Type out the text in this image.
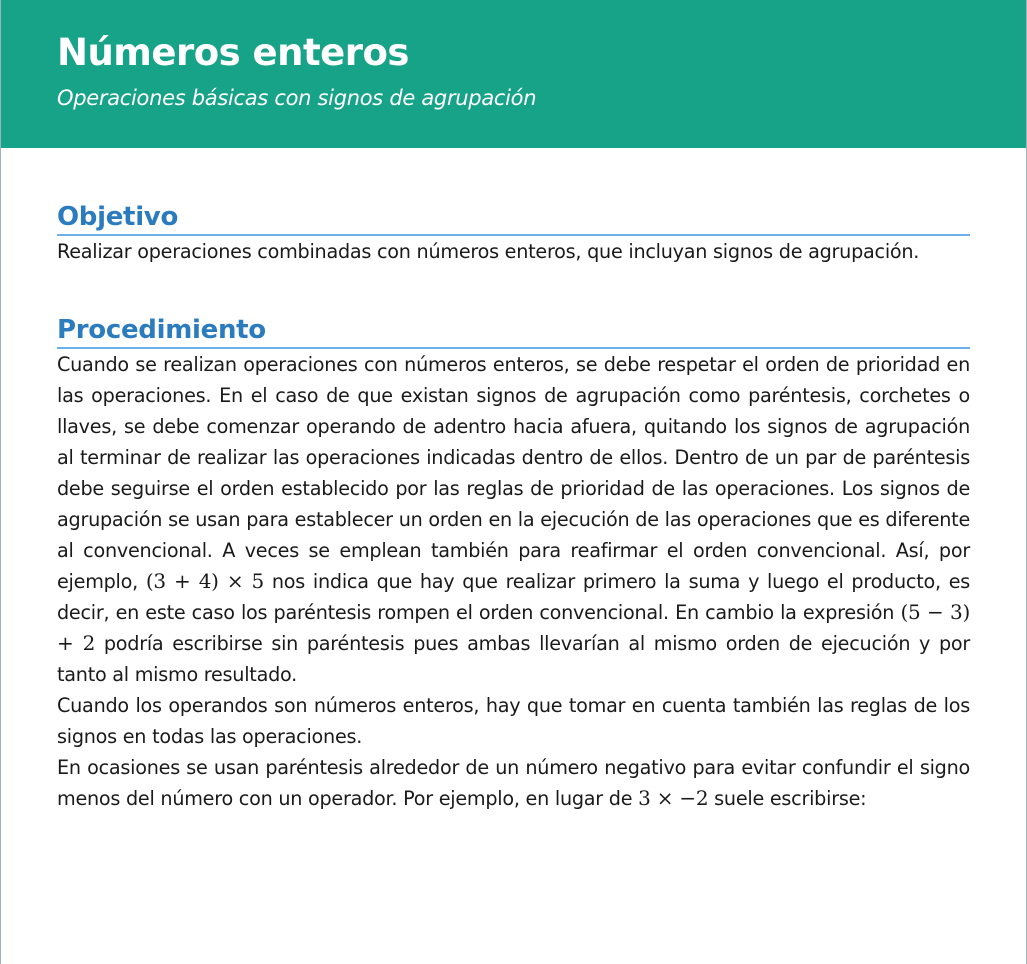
Números enteros

Operaciones básicas con signos de agrupación

Objetivo

Realizar operaciones combinadas con números enteros, que incluyan signos de agrupación.

Procedimiento

Cuando se realizan operaciones con números enteros, se debe respetar el orden de prioridad en las operaciones. En el caso de que existan signos de agrupación como paréntesis, corchetes o llaves, se debe comenzar operando de adentro hacia afuera, quitando los signos de agrupación al terminar de realizar las operaciones indicadas dentro de ellos. Dentro de un par de paréntesis debe seguirse el orden establecido por las reglas de prioridad de las operaciones. Los signos de agrupación se usan para establecer un orden en la ejecución de las operaciones que es diferente al convencional. A veces se emplean también para reafirmar el orden convencional. Así, por ejemplo, (3 + 4) × 5 nos indica que hay que realizar primero la suma y luego el producto, es decir, en este caso los paréntesis rompen el orden convencional. En cambio la expresión (5 − 3) + 2 podría escribirse sin paréntesis pues ambas llevarían al mismo orden de ejecución y por tanto al mismo resultado.

Cuando los operandos son números enteros, hay que tomar en cuenta también las reglas de los signos en todas las operaciones.

En ocasiones se usan paréntesis alrededor de un número negativo para evitar confundir el signo menos del número con un operador. Por ejemplo, en lugar de 3 × −2 suele escribirse:
